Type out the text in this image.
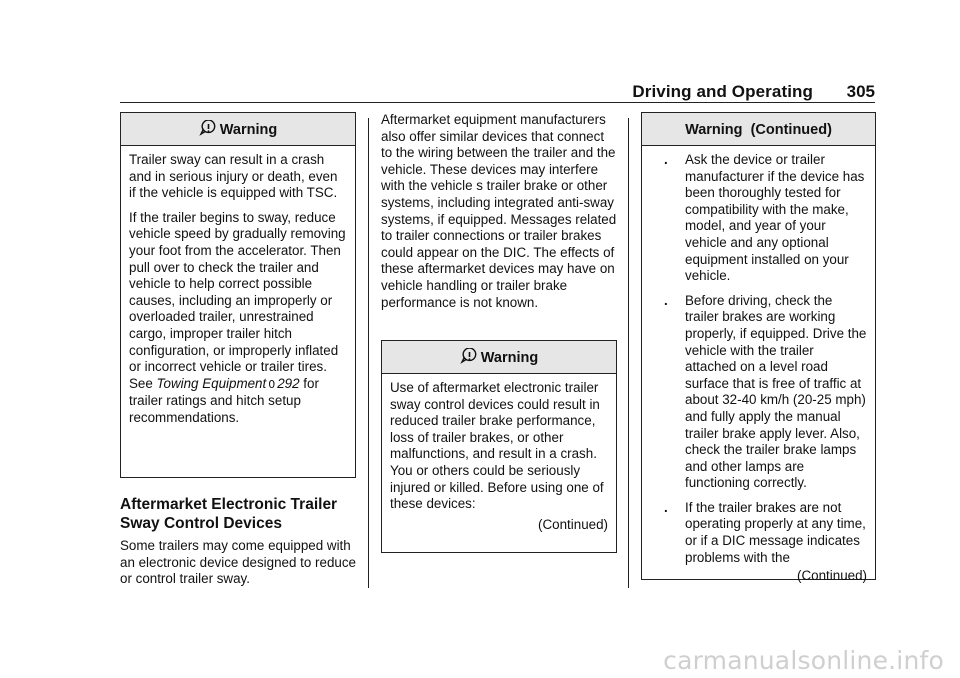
Driving and Operating 305
Warning

Trailer sway can result in a crash and in serious injury or death, even if the vehicle is equipped with TSC.

If the trailer begins to sway, reduce vehicle speed by gradually removing your foot from the accelerator. Then pull over to check the trailer and vehicle to help correct possible causes, including an improperly or overloaded trailer, unrestrained cargo, improper trailer hitch configuration, or improperly inflated or incorrect vehicle or trailer tires. See Towing Equipment 0 292 for trailer ratings and hitch setup recommendations.

Aftermarket Electronic Trailer Sway Control Devices

Some trailers may come equipped with an electronic device designed to reduce or control trailer sway.

Aftermarket equipment manufacturers also offer similar devices that connect to the wiring between the trailer and the vehicle. These devices may interfere with the vehicle s trailer brake or other systems, including integrated anti-sway systems, if equipped. Messages related to trailer connections or trailer brakes could appear on the DIC. The effects of these aftermarket devices may have on vehicle handling or trailer brake performance is not known.

Warning

Use of aftermarket electronic trailer sway control devices could result in reduced trailer brake performance, loss of trailer brakes, or other malfunctions, and result in a crash. You or others could be seriously injured or killed. Before using one of these devices:

(Continued)
Warning  (Continued)
. Ask the device or trailer manufacturer if the device has been thoroughly tested for compatibility with the make, model, and year of your vehicle and any optional equipment installed on your vehicle.
. Before driving, check the trailer brakes are working properly, if equipped. Drive the vehicle with the trailer attached on a level road surface that is free of traffic at about 32-40 km/h (20-25 mph) and fully apply the manual trailer brake apply lever. Also, check the trailer brake lamps and other lamps are functioning correctly.
. If the trailer brakes are not operating properly at any time, or if a DIC message indicates problems with the
(Continued)
carmanualsonline.info
